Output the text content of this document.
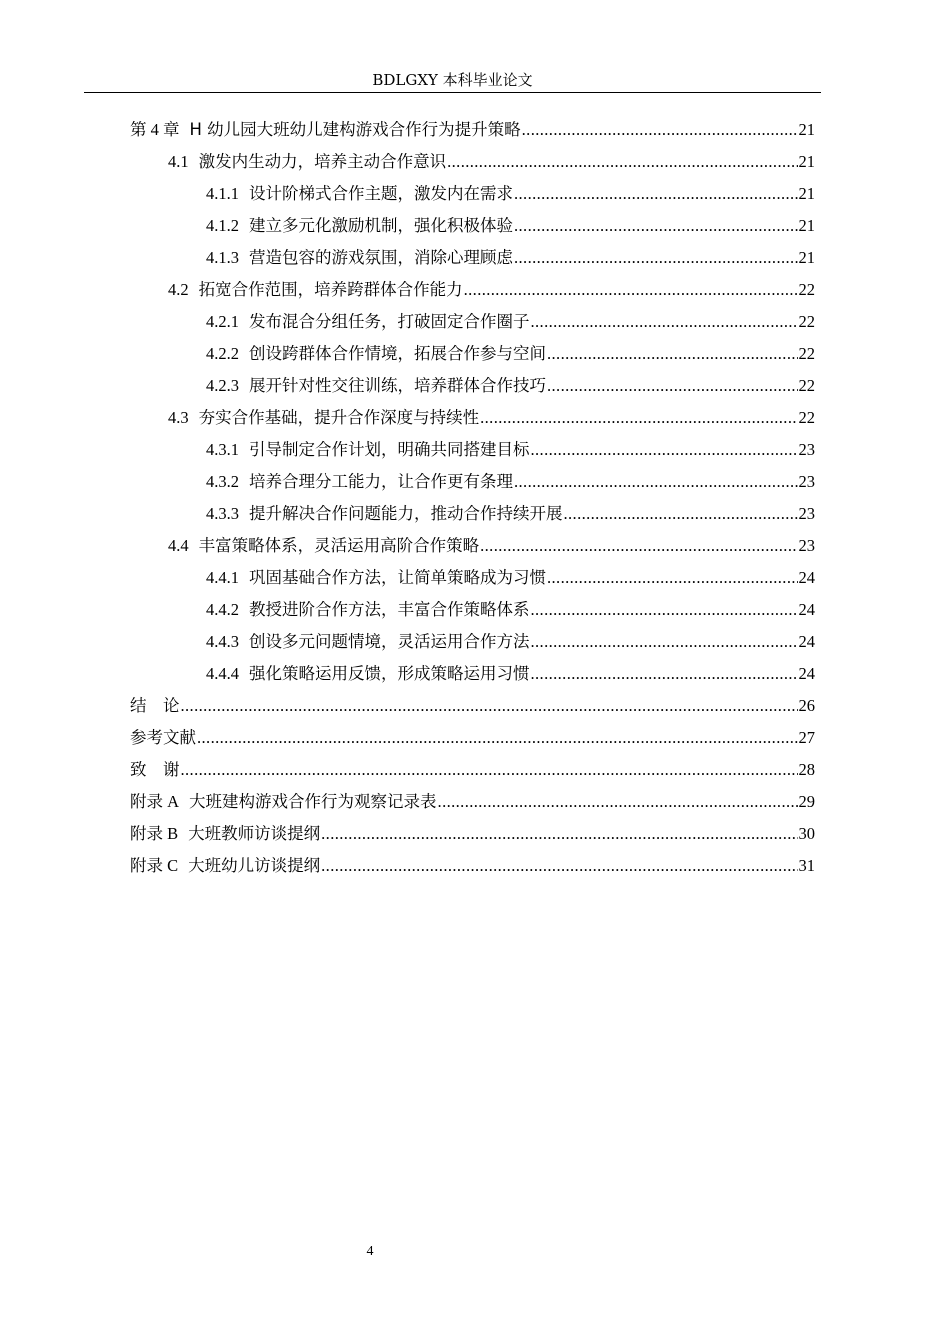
BDLGXY 本科毕业论文
第 4 章 H 幼儿园大班幼儿建构游戏合作行为提升策略 .....	21
4.1 激发内生动力，培养主动合作意识 .....	21
4.1.1 设计阶梯式合作主题，激发内在需求 .....	21
4.1.2 建立多元化激励机制，强化积极体验 .....	21
4.1.3 营造包容的游戏氛围，消除心理顾虑 .....	21
4.2 拓宽合作范围，培养跨群体合作能力 .....	22
4.2.1 发布混合分组任务，打破固定合作圈子 .....	22
4.2.2 创设跨群体合作情境，拓展合作参与空间 .....	22
4.2.3 展开针对性交往训练，培养群体合作技巧 .....	22
4.3 夯实合作基础，提升合作深度与持续性 .....	22
4.3.1 引导制定合作计划，明确共同搭建目标 .....	23
4.3.2 培养合理分工能力，让合作更有条理 .....	23
4.3.3 提升解决合作问题能力，推动合作持续开展 .....	23
4.4 丰富策略体系，灵活运用高阶合作策略 .....	23
4.4.1 巩固基础合作方法，让简单策略成为习惯 .....	24
4.4.2 教授进阶合作方法，丰富合作策略体系 .....	24
4.4.3 创设多元问题情境，灵活运用合作方法 .....	24
4.4.4 强化策略运用反馈，形成策略运用习惯 .....	24
结　论 .....	26
参考文献 .....	27
致　谢 .....	28
附录 A 大班建构游戏合作行为观察记录表 .....	29
附录 B 大班教师访谈提纲 .....	30
附录 C 大班幼儿访谈提纲 .....	31
4
